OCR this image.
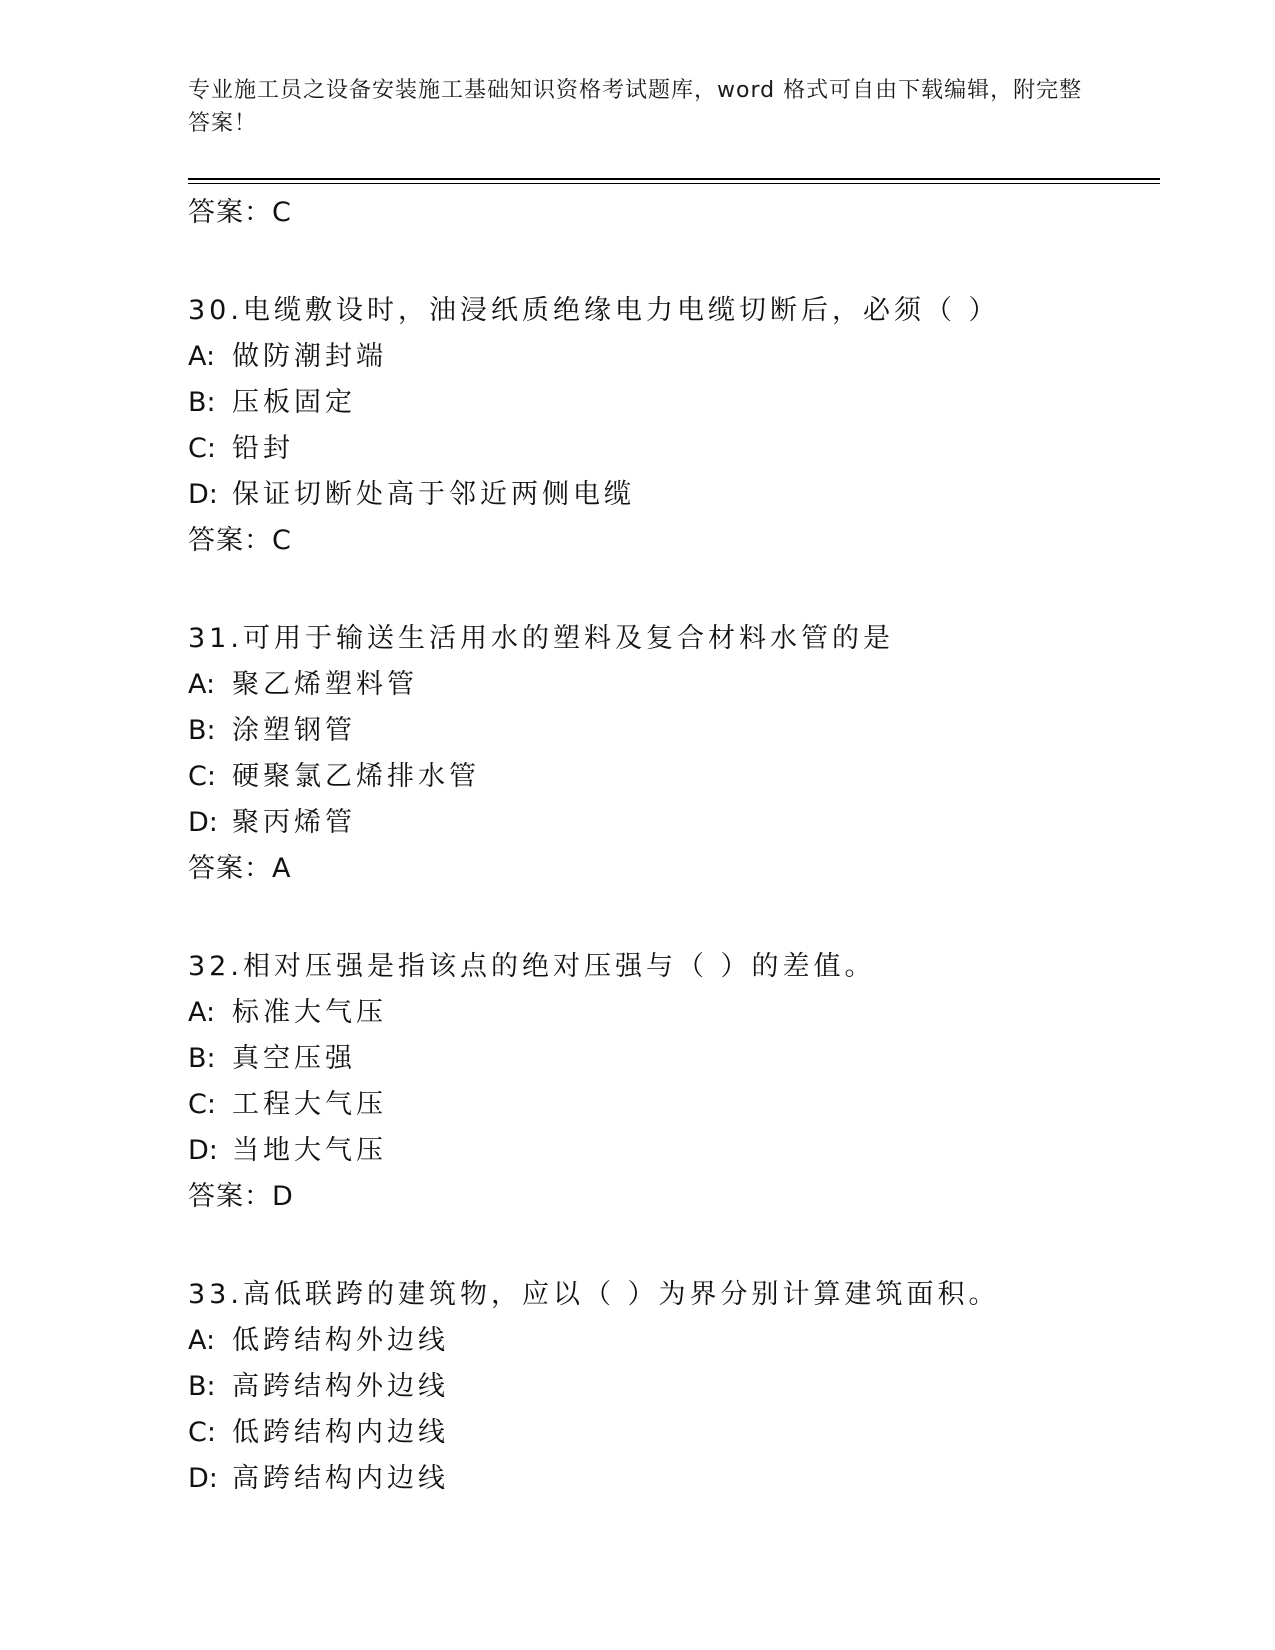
专业施工员之设备安装施工基础知识资格考试题库，word 格式可自由下载编辑，附完整答案！
答案：C
30.电缆敷设时，油浸纸质绝缘电力电缆切断后，必须（ ）
A: 做防潮封端
B: 压板固定
C: 铅封
D: 保证切断处高于邻近两侧电缆
答案：C
31.可用于输送生活用水的塑料及复合材料水管的是
A: 聚乙烯塑料管
B: 涂塑钢管
C: 硬聚氯乙烯排水管
D: 聚丙烯管
答案：A
32.相对压强是指该点的绝对压强与（ ）的差值。
A: 标准大气压
B: 真空压强
C: 工程大气压
D: 当地大气压
答案：D
33.高低联跨的建筑物，应以（ ）为界分别计算建筑面积。
A: 低跨结构外边线
B: 高跨结构外边线
C: 低跨结构内边线
D: 高跨结构内边线
